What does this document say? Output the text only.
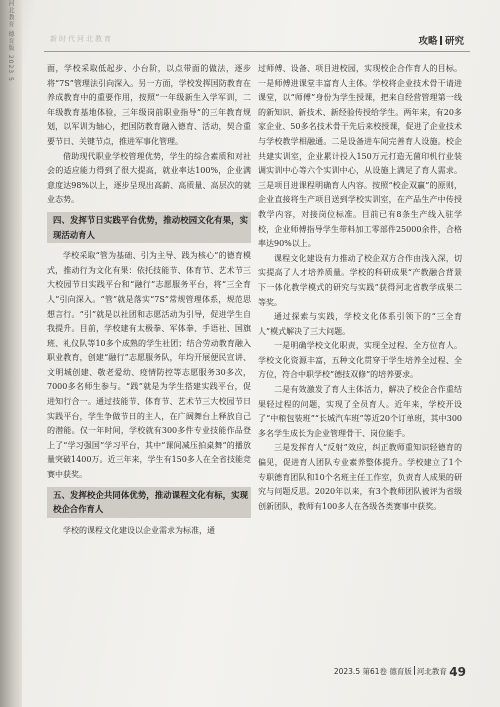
河北教育 德育版 2023 5	新时代河北教育	攻略 研究

面，学校采取低起步、小台阶，以点带面的做法，逐步将“7S”管理法引向深入。另一方面，学校发挥国防教育在养成教育中的重要作用，按照“一年级新生入学军训，二年级教育基地体验，三年级岗前职业指导”的三年教育规划，以军训为轴心，把国防教育融入德育、活动，契合重要节日、关键节点，推进军事化管理。

借助现代职业学校管理优势，学生的综合素质和对社会的适应能力得到了很大提高，就业率达100%，企业满意度达98%以上，逐步呈现出高薪、高质量、高层次的就业态势。

四、发挥节日实践平台优势，推动校园文化有果，实现活动育人

学校采取“管为基础、引为主导、践为核心”的德育模式，推动行为文化有果：依托技能节、体育节、艺术节三大校园节日实践平台和“融行”志愿服务平台，将“三全育人”引向深入。“管”就是落实“7S”常规管理体系，规范思想言行。“引”就是以社团和志愿活动为引导，促进学生自我提升。目前，学校建有太极拳、军体拳、手语社、国旗班、礼仪队等10多个成熟的学生社团；结合劳动教育融入职业教育，创建“融行”志愿服务队，年均开展便民宣讲、文明城创建、敬老爱幼、疫情防控等志愿服务30多次，7000多名师生参与。“践”就是为学生搭建实践平台，促进知行合一。通过技能节、体育节、艺术节三大校园节日实践平台，学生争做节日的主人，在广阔舞台上释放自己的潜能。仅一年时间，学校就有300多件专业技能作品登上了“学习强国”学习平台，其中“课间减压拍桌舞”的播放量突破1400万。近三年来，学生有150多人在全省技能竞赛中获奖。

五、发挥校企共同体优势，推动课程文化有标，实现校企合作育人

学校的课程文化建设以企业需求为标准，通

过师傅、设备、项目进校园，实现校企合作育人的目标。一是师傅进课堂丰富育人主体。学校将企业技术骨干请进课堂，以“师傅”身份为学生授课，把来自经营管理第一线的新知识、新技术、新经验传授给学生。两年来，有20多家企业、50多名技术骨干先后来校授课，促进了企业技术与学校教学相融通。二是设备进车间完善育人设施。校企共建实训室，企业累计投入150万元打造无菌印机行业装调实训中心等六个实训中心，从设施上满足了育人需求。三是项目进课程明确育人内容。按照“校企双赢”的原则，企业直接将生产项目送到学校实训室，在产品生产中传授教学内容，对接岗位标准。目前已有8条生产线入驻学校，企业师傅指导学生带料加工零部件25000余件，合格率达90%以上。

课程文化建设有力推动了校企双方合作由浅入深，切实提高了人才培养质量。学校的科研成果“产教融合背景下一体化教学模式的研究与实践”获得河北省教学成果二等奖。

通过探索与实践，学校文化体系引领下的“三全育人”模式解决了三大问题。

一是明确学校文化职责，实现全过程、全方位育人。学校文化资源丰富，五种文化贯穿于学生培养全过程、全方位，符合中职学校“德技双修”的培养要求。

二是有效激发了育人主体活力，解决了校企合作重结果轻过程的问题，实现了全员育人。近年来，学校开设了“中粮包装班”“长城汽车班”等近20个订单班，其中300多名学生成长为企业管理骨干、岗位能手。

三是发挥育人“反射”效应，纠正教师重知识轻德育的偏见，促进育人团队专业素养整体提升。学校建立了1个专职德育团队和10个名班主任工作室，负责育人成果的研究与问题反思。2020年以来，有3个教师团队被评为省级创新团队，教师有100多人在各级各类赛事中获奖。

2023.5 第61卷 德育版 河北教育 49
